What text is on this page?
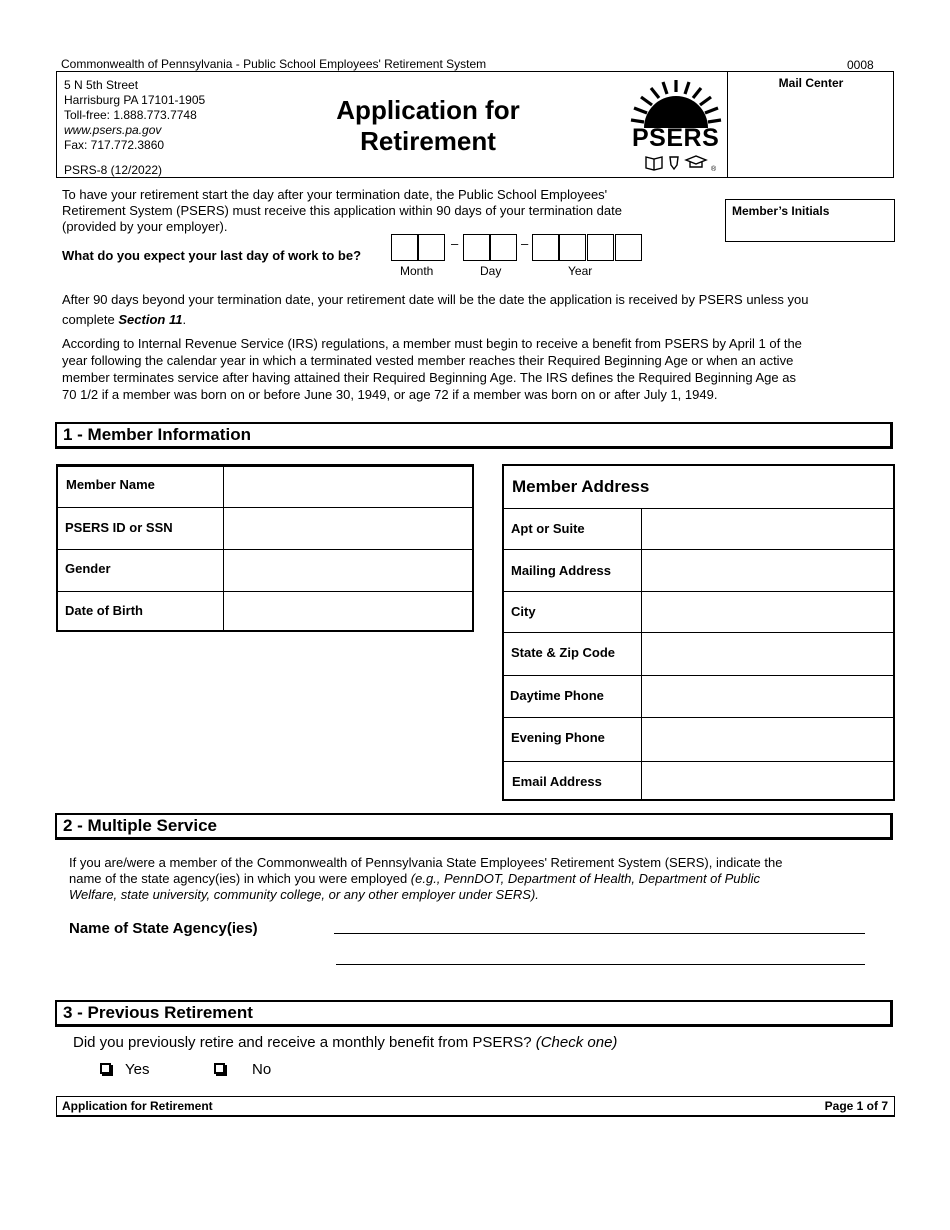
Commonwealth of Pennsylvania - Public School Employees' Retirement System	0008
5 N 5th Street
Harrisburg PA 17101-1905
Toll-free: 1.888.773.7748
www.psers.pa.gov
Fax: 717.772.3860
PSRS-8 (12/2022)
Application for
Retirement	PSERS
®
Mail Center
To have your retirement start the day after your termination date, the Public School Employees'
Retirement System (PSERS) must receive this application within 90 days of your termination date
(provided by your employer).
Member’s Initials
What do you expect your last day of work to be?
–	–
Month	Day	Year
After 90 days beyond your termination date, your retirement date will be the date the application is received by PSERS unless you
complete Section 11.
According to Internal Revenue Service (IRS) regulations, a member must begin to receive a benefit from PSERS by April 1 of the
year following the calendar year in which a terminated vested member reaches their Required Beginning Age or when an active
member terminates service after having attained their Required Beginning Age. The IRS defines the Required Beginning Age as
70 1/2 if a member was born on or before June 30, 1949, or age 72 if a member was born on or after July 1, 1949.
1 - Member Information
Member Name
PSERS ID or SSN
Gender
Date of Birth
Member Address
Apt or Suite
Mailing Address
City
State & Zip Code
Daytime Phone
Evening Phone
Email Address
2 - Multiple Service
If you are/were a member of the Commonwealth of Pennsylvania State Employees' Retirement System (SERS), indicate the
name of the state agency(ies) in which you were employed (e.g., PennDOT, Department of Health, Department of Public
Welfare, state university, community college, or any other employer under SERS).
Name of State Agency(ies)
3 - Previous Retirement
Did you previously retire and receive a monthly benefit from PSERS? (Check one)
Yes	No
Application for Retirement	Page 1 of 7
